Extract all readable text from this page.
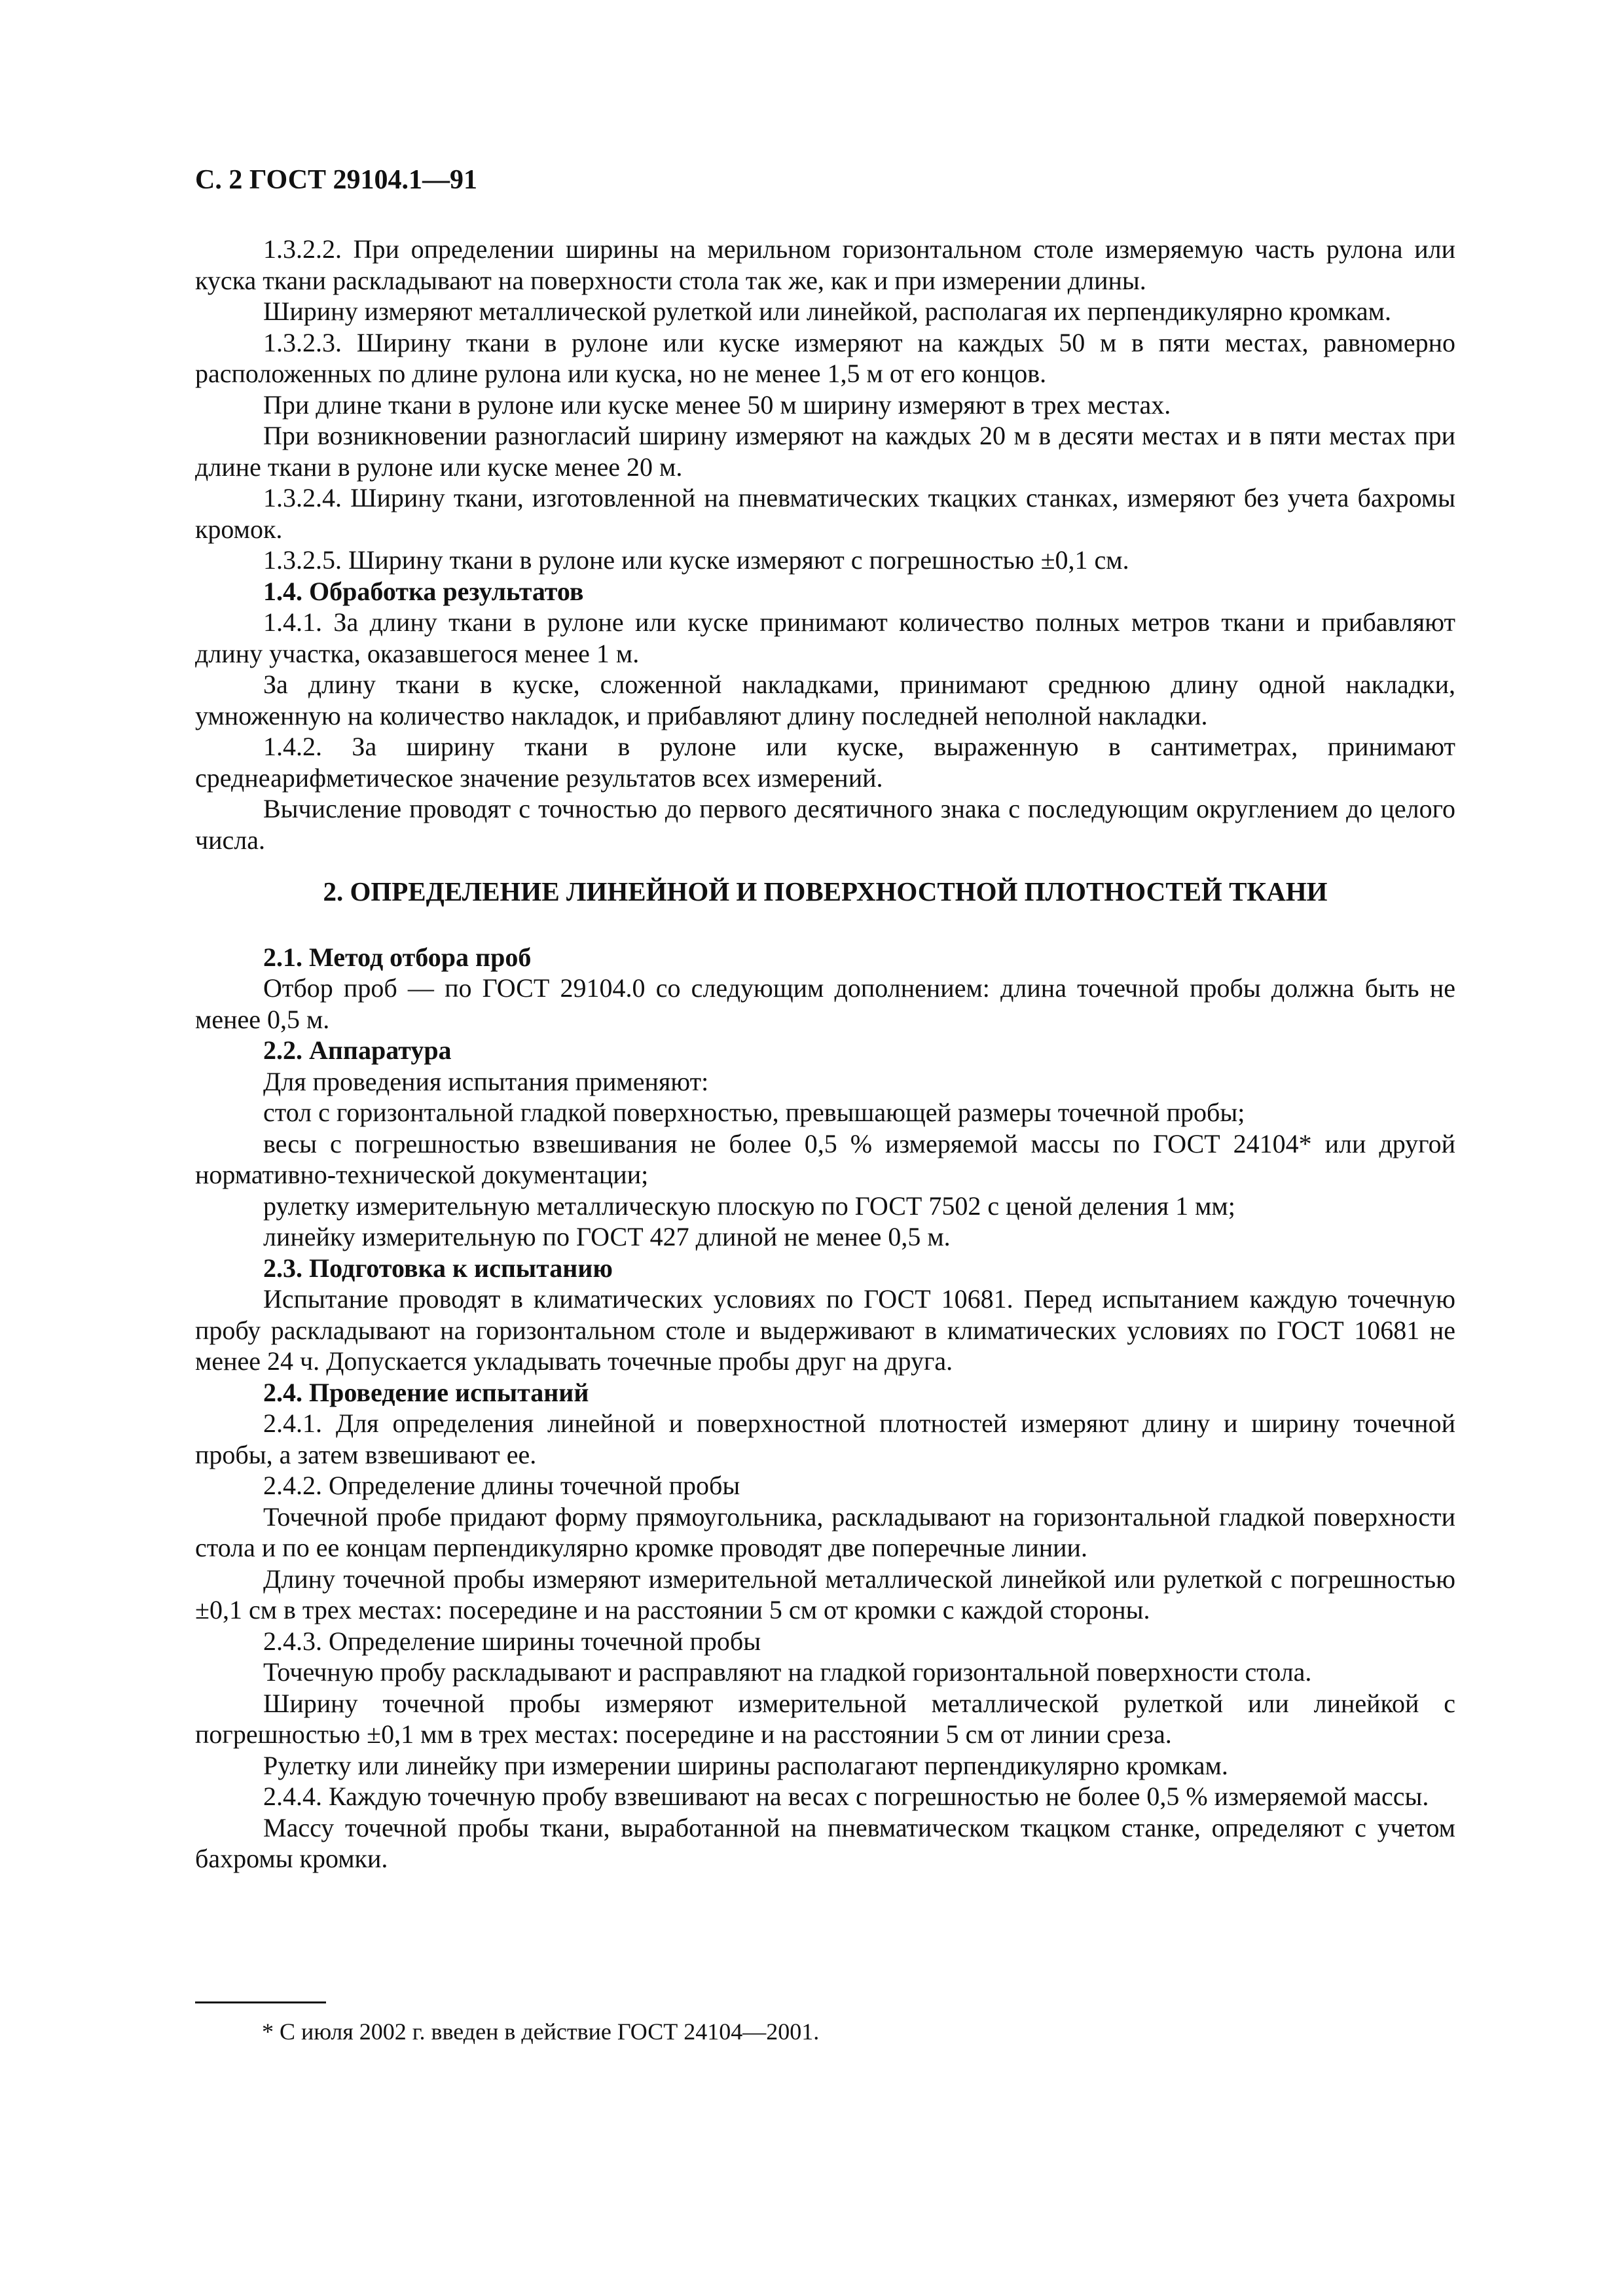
С. 2 ГОСТ 29104.1—91

1.3.2.2. При определении ширины на мерильном горизонтальном столе измеряемую часть рулона или куска ткани раскладывают на поверхности стола так же, как и при измерении длины.

Ширину измеряют металлической рулеткой или линейкой, располагая их перпендикулярно кромкам.

1.3.2.3. Ширину ткани в рулоне или куске измеряют на каждых 50 м в пяти местах, равномерно расположенных по длине рулона или куска, но не менее 1,5 м от его концов.

При длине ткани в рулоне или куске менее 50 м ширину измеряют в трех местах.

При возникновении разногласий ширину измеряют на каждых 20 м в десяти местах и в пяти местах при длине ткани в рулоне или куске менее 20 м.

1.3.2.4. Ширину ткани, изготовленной на пневматических ткацких станках, измеряют без учета бахромы кромок.

1.3.2.5. Ширину ткани в рулоне или куске измеряют с погрешностью ±0,1 см.

1.4. Обработка результатов

1.4.1. За длину ткани в рулоне или куске принимают количество полных метров ткани и прибавляют длину участка, оказавшегося менее 1 м.

За длину ткани в куске, сложенной накладками, принимают среднюю длину одной накладки, умноженную на количество накладок, и прибавляют длину последней неполной накладки.

1.4.2. За ширину ткани в рулоне или куске, выраженную в сантиметрах, принимают среднеарифметическое значение результатов всех измерений.

Вычисление проводят с точностью до первого десятичного знака с последующим округлением до целого числа.

2. ОПРЕДЕЛЕНИЕ ЛИНЕЙНОЙ И ПОВЕРХНОСТНОЙ ПЛОТНОСТЕЙ ТКАНИ

2.1. Метод отбора проб

Отбор проб — по ГОСТ 29104.0 со следующим дополнением: длина точечной пробы должна быть не менее 0,5 м.

2.2. Аппаратура

Для проведения испытания применяют:

стол с горизонтальной гладкой поверхностью, превышающей размеры точечной пробы;

весы с погрешностью взвешивания не более 0,5 % измеряемой массы по ГОСТ 24104* или другой нормативно-технической документации;

рулетку измерительную металлическую плоскую по ГОСТ 7502 с ценой деления 1 мм;

линейку измерительную по ГОСТ 427 длиной не менее 0,5 м.

2.3. Подготовка к испытанию

Испытание проводят в климатических условиях по ГОСТ 10681. Перед испытанием каждую точечную пробу раскладывают на горизонтальном столе и выдерживают в климатических условиях по ГОСТ 10681 не менее 24 ч. Допускается укладывать точечные пробы друг на друга.

2.4. Проведение испытаний

2.4.1. Для определения линейной и поверхностной плотностей измеряют длину и ширину точечной пробы, а затем взвешивают ее.

2.4.2. Определение длины точечной пробы

Точечной пробе придают форму прямоугольника, раскладывают на горизонтальной гладкой поверхности стола и по ее концам перпендикулярно кромке проводят две поперечные линии.

Длину точечной пробы измеряют измерительной металлической линейкой или рулеткой с погрешностью ±0,1 см в трех местах: посередине и на расстоянии 5 см от кромки с каждой стороны.

2.4.3. Определение ширины точечной пробы

Точечную пробу раскладывают и расправляют на гладкой горизонтальной поверхности стола.

Ширину точечной пробы измеряют измерительной металлической рулеткой или линейкой с погрешностью ±0,1 мм в трех местах: посередине и на расстоянии 5 см от линии среза.

Рулетку или линейку при измерении ширины располагают перпендикулярно кромкам.

2.4.4. Каждую точечную пробу взвешивают на весах с погрешностью не более 0,5 % измеряемой массы.

Массу точечной пробы ткани, выработанной на пневматическом ткацком станке, определяют с учетом бахромы кромки.

* С июля 2002 г. введен в действие ГОСТ 24104—2001.
